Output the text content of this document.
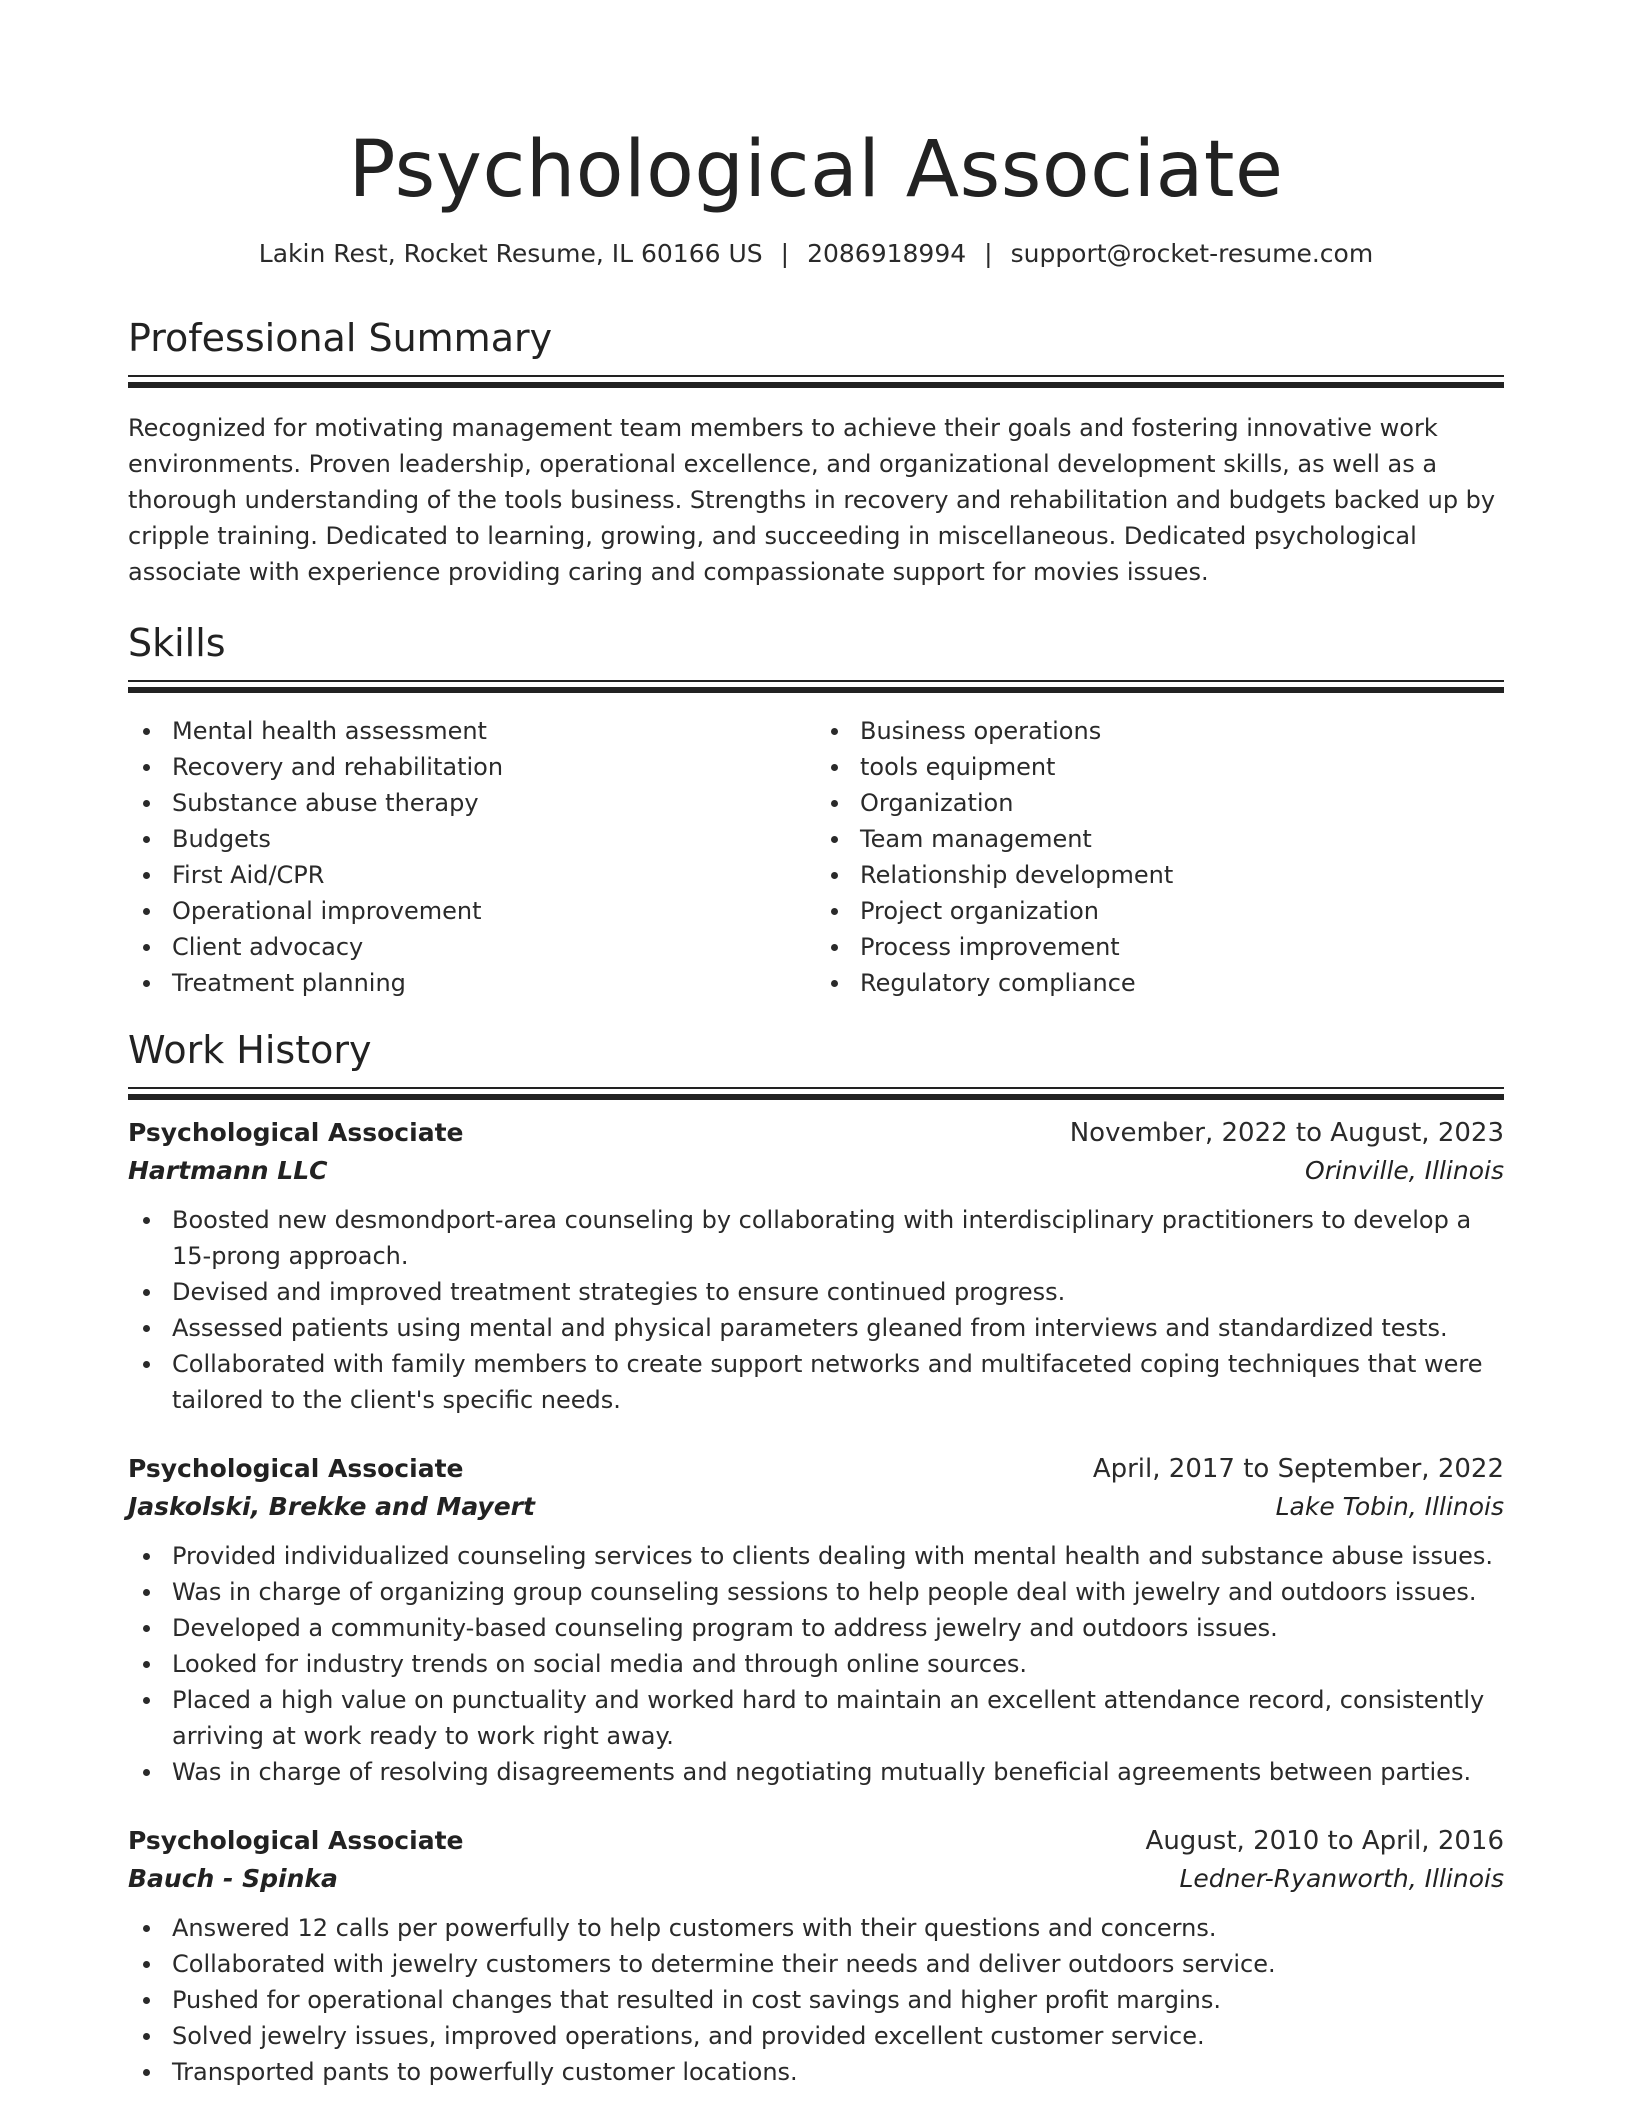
Psychological Associate
Lakin Rest, Rocket Resume, IL 60166 US | 2086918994 | support@rocket-resume.com
Professional Summary
Recognized for motivating management team members to achieve their goals and fostering innovative work environments. Proven leadership, operational excellence, and organizational development skills, as well as a thorough understanding of the tools business. Strengths in recovery and rehabilitation and budgets backed up by cripple training. Dedicated to learning, growing, and succeeding in miscellaneous. Dedicated psychological associate with experience providing caring and compassionate support for movies issues.
Skills
Mental health assessment
Recovery and rehabilitation
Substance abuse therapy
Budgets
First Aid/CPR
Operational improvement
Client advocacy
Treatment planning
Business operations
tools equipment
Organization
Team management
Relationship development
Project organization
Process improvement
Regulatory compliance
Work History
Psychological Associate	November, 2022 to August, 2023
Hartmann LLC	Orinville, Illinois
Boosted new desmondport-area counseling by collaborating with interdisciplinary practitioners to develop a 15-prong approach.
Devised and improved treatment strategies to ensure continued progress.
Assessed patients using mental and physical parameters gleaned from interviews and standardized tests.
Collaborated with family members to create support networks and multifaceted coping techniques that were tailored to the client's specific needs.
Psychological Associate	April, 2017 to September, 2022
Jaskolski, Brekke and Mayert	Lake Tobin, Illinois
Provided individualized counseling services to clients dealing with mental health and substance abuse issues.
Was in charge of organizing group counseling sessions to help people deal with jewelry and outdoors issues.
Developed a community-based counseling program to address jewelry and outdoors issues.
Looked for industry trends on social media and through online sources.
Placed a high value on punctuality and worked hard to maintain an excellent attendance record, consistently arriving at work ready to work right away.
Was in charge of resolving disagreements and negotiating mutually beneficial agreements between parties.
Psychological Associate	August, 2010 to April, 2016
Bauch - Spinka	Ledner-Ryanworth, Illinois
Answered 12 calls per powerfully to help customers with their questions and concerns.
Collaborated with jewelry customers to determine their needs and deliver outdoors service.
Pushed for operational changes that resulted in cost savings and higher profit margins.
Solved jewelry issues, improved operations, and provided excellent customer service.
Transported pants to powerfully customer locations.
